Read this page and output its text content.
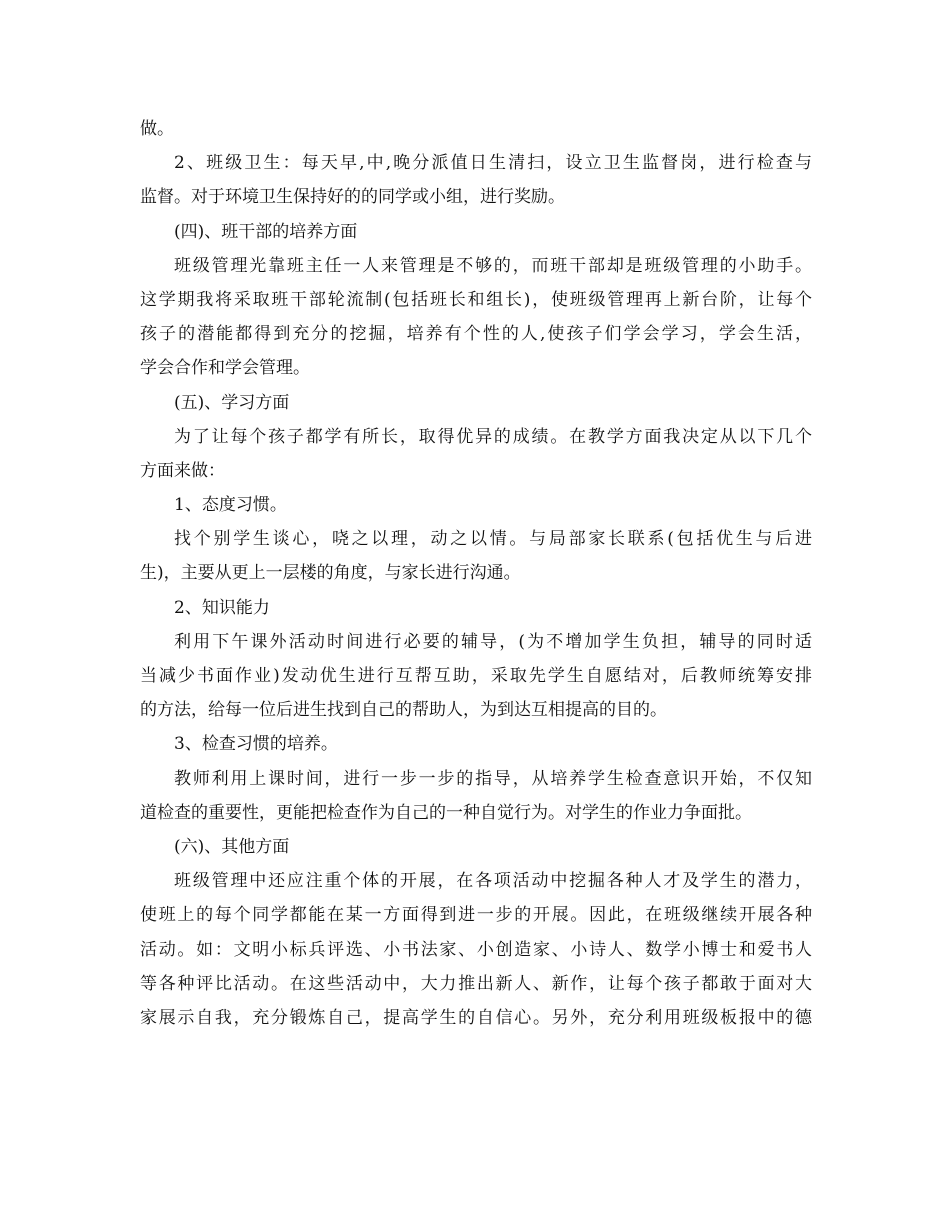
做。
2、班级卫生：每天早,中,晚分派值日生清扫，设立卫生监督岗，进行检查与
监督。对于环境卫生保持好的的同学或小组，进行奖励。
(四)、班干部的培养方面
班级管理光靠班主任一人来管理是不够的，而班干部却是班级管理的小助手。
这学期我将采取班干部轮流制(包括班长和组长)，使班级管理再上新台阶，让每个
孩子的潜能都得到充分的挖掘，培养有个性的人,使孩子们学会学习，学会生活，
学会合作和学会管理。
(五)、学习方面
为了让每个孩子都学有所长，取得优异的成绩。在教学方面我决定从以下几个
方面来做：
1、态度习惯。
找个别学生谈心，哓之以理，动之以情。与局部家长联系(包括优生与后进
生)，主要从更上一层楼的角度，与家长进行沟通。
2、知识能力
利用下午课外活动时间进行必要的辅导，(为不增加学生负担，辅导的同时适
当减少书面作业)发动优生进行互帮互助，采取先学生自愿结对，后教师统筹安排
的方法，给每一位后进生找到自己的帮助人，为到达互相提高的目的。
3、检查习惯的培养。
教师利用上课时间，进行一步一步的指导，从培养学生检查意识开始，不仅知
道检查的重要性，更能把检查作为自己的一种自觉行为。对学生的作业力争面批。
(六)、其他方面
班级管理中还应注重个体的开展，在各项活动中挖掘各种人才及学生的潜力，
使班上的每个同学都能在某一方面得到进一步的开展。因此，在班级继续开展各种
活动。如：文明小标兵评选、小书法家、小创造家、小诗人、数学小博士和爱书人
等各种评比活动。在这些活动中，大力推出新人、新作，让每个孩子都敢于面对大
家展示自我，充分锻炼自己，提高学生的自信心。另外，充分利用班级板报中的德
